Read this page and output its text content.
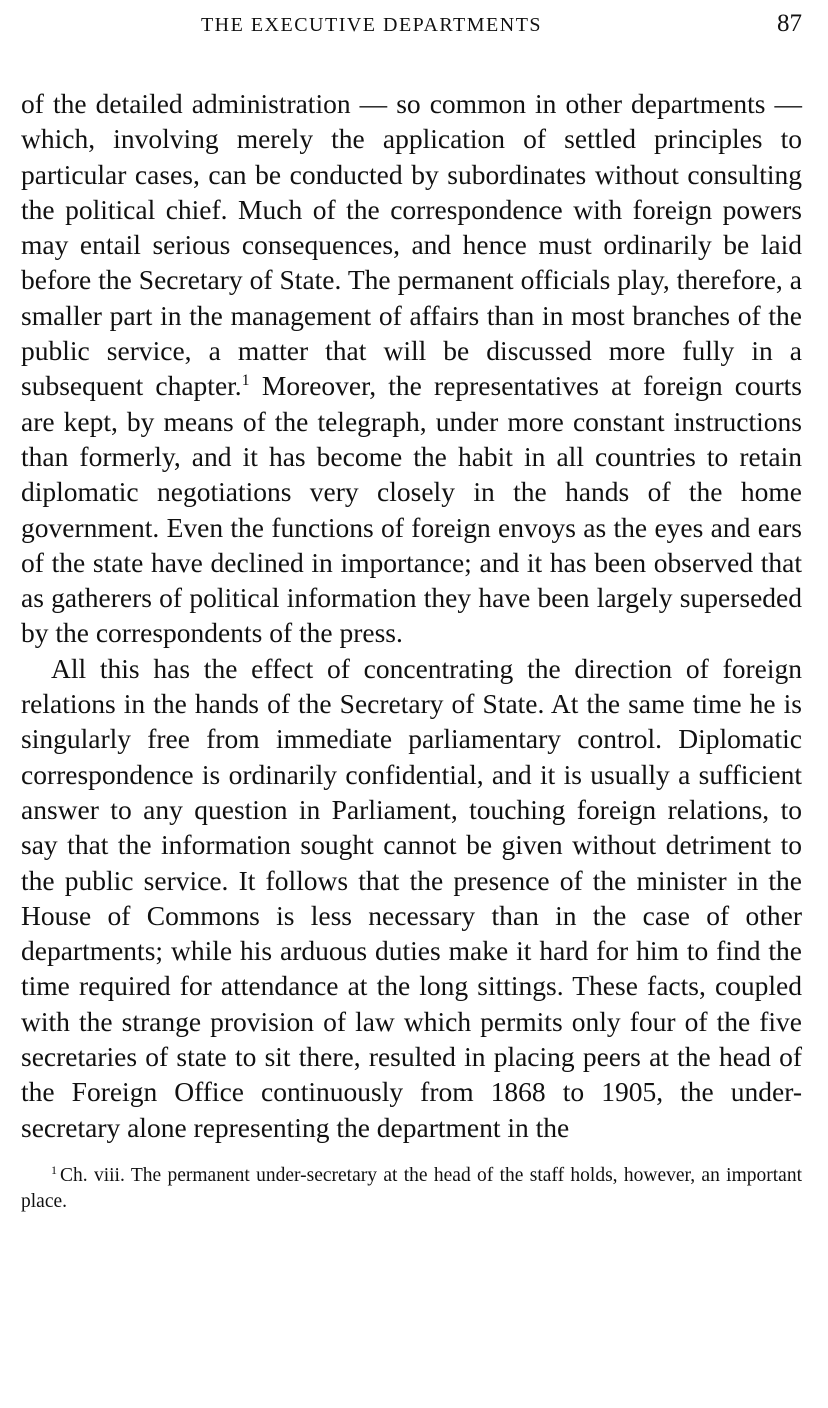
THE EXECUTIVE DEPARTMENTS	87

of the detailed administration — so common in other departments — which, involving merely the application of settled principles to particular cases, can be conducted by subordinates without consulting the political chief. Much of the correspondence with foreign powers may entail serious consequences, and hence must ordinarily be laid before the Secretary of State. The permanent officials play, therefore, a smaller part in the management of affairs than in most branches of the public service, a matter that will be discussed more fully in a subsequent chapter.$^1$ Moreover, the representatives at foreign courts are kept, by means of the telegraph, under more constant instructions than formerly, and it has become the habit in all countries to retain diplomatic negotiations very closely in the hands of the home government. Even the functions of foreign envoys as the eyes and ears of the state have declined in importance; and it has been observed that as gatherers of political information they have been largely superseded by the correspondents of the press.

All this has the effect of concentrating the direction of foreign relations in the hands of the Secretary of State. At the same time he is singularly free from immediate parliamentary control. Diplomatic correspondence is ordinarily confidential, and it is usually a sufficient answer to any question in Parliament, touching foreign relations, to say that the information sought cannot be given without detriment to the public service. It follows that the presence of the minister in the House of Commons is less necessary than in the case of other departments; while his arduous duties make it hard for him to find the time required for attendance at the long sittings. These facts, coupled with the strange provision of law which permits only four of the five secretaries of state to sit there, resulted in placing peers at the head of the Foreign Office continuously from 1868 to 1905, the under-secretary alone representing the department in the

$^1$ Ch. viii. The permanent under-secretary at the head of the staff holds, however, an important place.
